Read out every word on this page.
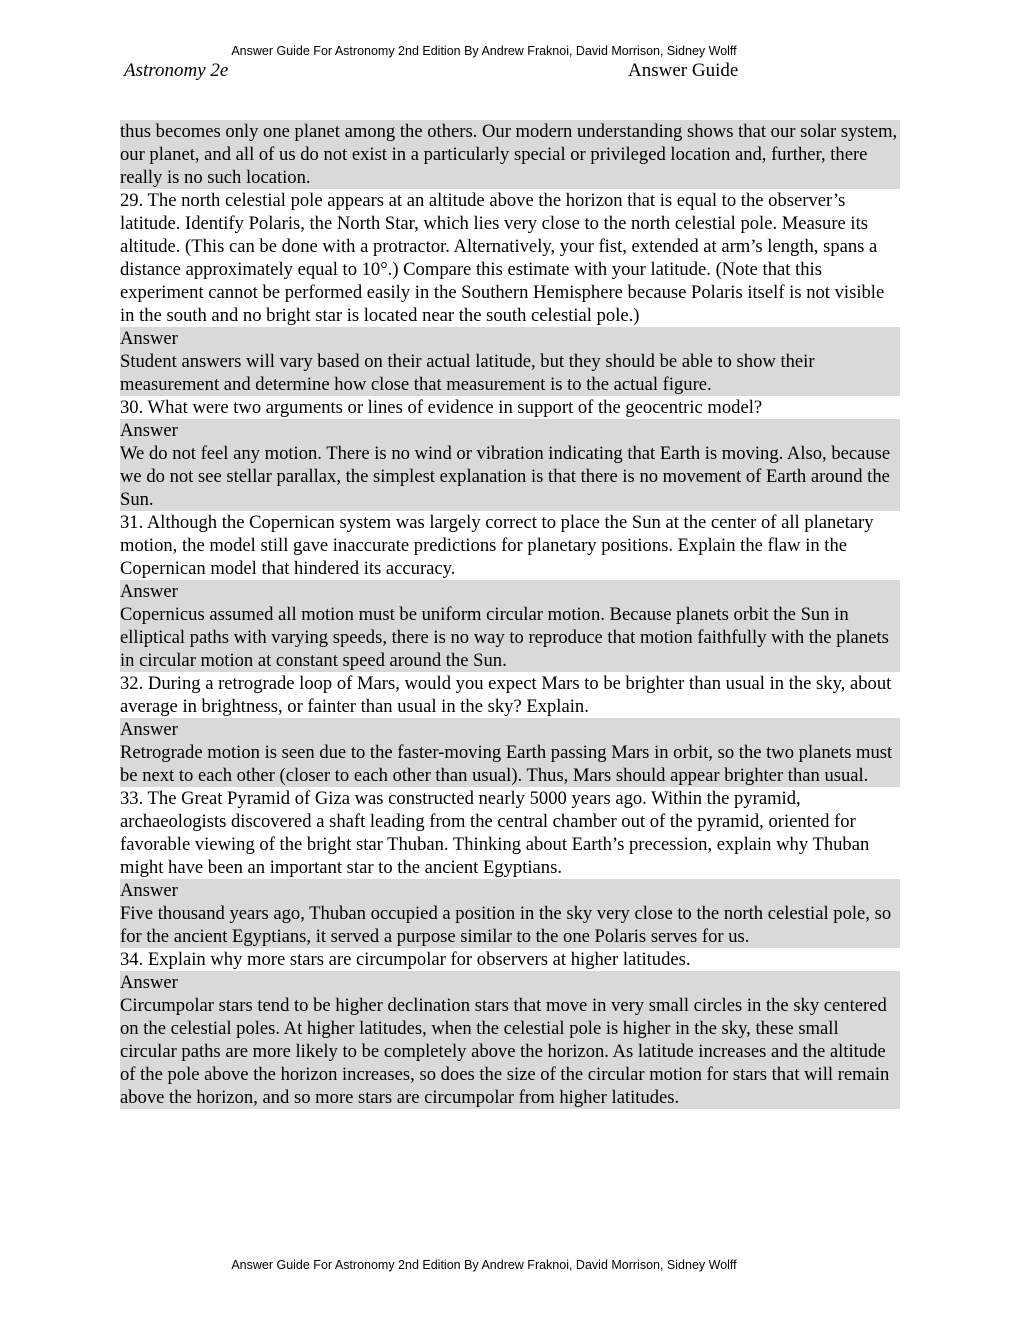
Answer Guide For Astronomy 2nd Edition By Andrew Fraknoi, David Morrison, Sidney Wolff
Astronomy 2e	Answer Guide

thus becomes only one planet among the others. Our modern understanding shows that our solar system, our planet, and all of us do not exist in a particularly special or privileged location and, further, there really is no such location.

29. The north celestial pole appears at an altitude above the horizon that is equal to the observer’s latitude. Identify Polaris, the North Star, which lies very close to the north celestial pole. Measure its altitude. (This can be done with a protractor. Alternatively, your fist, extended at arm’s length, spans a distance approximately equal to 10°.) Compare this estimate with your latitude. (Note that this experiment cannot be performed easily in the Southern Hemisphere because Polaris itself is not visible in the south and no bright star is located near the south celestial pole.)

Answer

Student answers will vary based on their actual latitude, but they should be able to show their measurement and determine how close that measurement is to the actual figure.

30. What were two arguments or lines of evidence in support of the geocentric model?

Answer

We do not feel any motion. There is no wind or vibration indicating that Earth is moving. Also, because we do not see stellar parallax, the simplest explanation is that there is no movement of Earth around the Sun.

31. Although the Copernican system was largely correct to place the Sun at the center of all planetary motion, the model still gave inaccurate predictions for planetary positions. Explain the flaw in the Copernican model that hindered its accuracy.

Answer

Copernicus assumed all motion must be uniform circular motion. Because planets orbit the Sun in elliptical paths with varying speeds, there is no way to reproduce that motion faithfully with the planets in circular motion at constant speed around the Sun.

32. During a retrograde loop of Mars, would you expect Mars to be brighter than usual in the sky, about average in brightness, or fainter than usual in the sky? Explain.

Answer

Retrograde motion is seen due to the faster-moving Earth passing Mars in orbit, so the two planets must be next to each other (closer to each other than usual). Thus, Mars should appear brighter than usual.

33. The Great Pyramid of Giza was constructed nearly 5000 years ago. Within the pyramid, archaeologists discovered a shaft leading from the central chamber out of the pyramid, oriented for favorable viewing of the bright star Thuban. Thinking about Earth’s precession, explain why Thuban might have been an important star to the ancient Egyptians.

Answer

Five thousand years ago, Thuban occupied a position in the sky very close to the north celestial pole, so for the ancient Egyptians, it served a purpose similar to the one Polaris serves for us.

34. Explain why more stars are circumpolar for observers at higher latitudes.

Answer

Circumpolar stars tend to be higher declination stars that move in very small circles in the sky centered on the celestial poles. At higher latitudes, when the celestial pole is higher in the sky, these small circular paths are more likely to be completely above the horizon. As latitude increases and the altitude of the pole above the horizon increases, so does the size of the circular motion for stars that will remain above the horizon, and so more stars are circumpolar from higher latitudes.

Answer Guide For Astronomy 2nd Edition By Andrew Fraknoi, David Morrison, Sidney Wolff
